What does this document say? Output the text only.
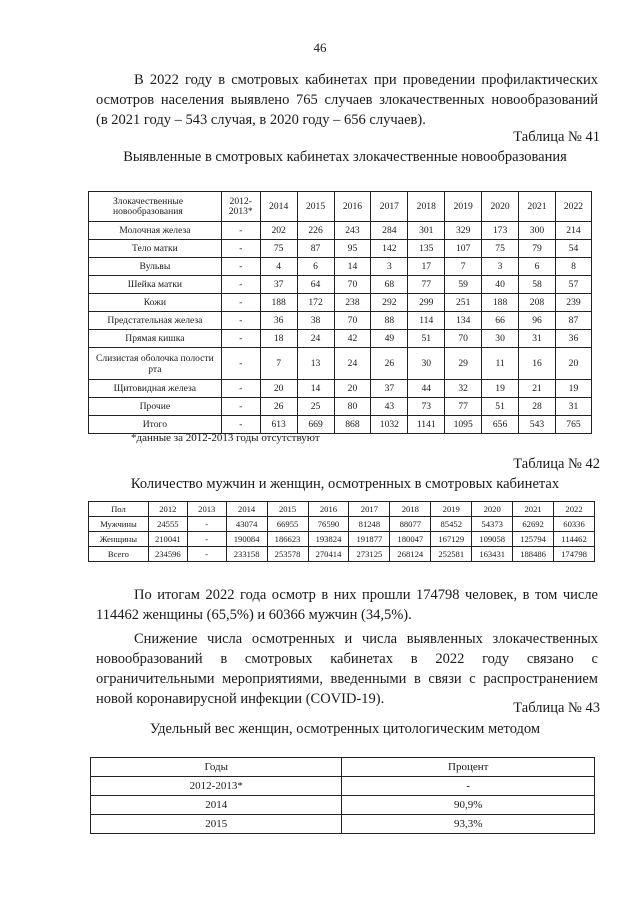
46
В 2022 году в смотровых кабинетах при проведении профилактических
осмотров населения выявлено 765 случаев злокачественных новообразований
(в 2021 году – 543 случая, в 2020 году – 656 случаев).
Таблица № 41
Выявленные в смотровых кабинетах злокачественные новообразования
Злокачественные новообразования	2012-2013*	2014	2015	2016	2017	2018	2019	2020	2021	2022
Молочная железа	-	202	226	243	284	301	329	173	300	214
Тело матки	-	75	87	95	142	135	107	75	79	54
Вульвы	-	4	6	14	3	17	7	3	6	8
Шейка матки	-	37	64	70	68	77	59	40	58	57
Кожи	-	188	172	238	292	299	251	188	208	239
Предстательная железа	-	36	38	70	88	114	134	66	96	87
Прямая кишка	-	18	24	42	49	51	70	30	31	36
Слизистая оболочка полости рта	-	7	13	24	26	30	29	11	16	20
Щитовидная железа	-	20	14	20	37	44	32	19	21	19
Прочие	-	26	25	80	43	73	77	51	28	31
Итого	-	613	669	868	1032	1141	1095	656	543	765
*данные за 2012-2013 годы отсутствуют
Таблица № 42
Количество мужчин и женщин, осмотренных в смотровых кабинетах
Пол	2012	2013	2014	2015	2016	2017	2018	2019	2020	2021	2022
Мужчины	24555	-	43074	66955	76590	81248	88077	85452	54373	62692	60336
Женщины	210041	-	190084	186623	193824	191877	180047	167129	109058	125794	114462
Всего	234596	-	233158	253578	270414	273125	268124	252581	163431	188486	174798
По итогам 2022 года осмотр в них прошли 174798 человек, в том числе
114462 женщины (65,5%) и 60366 мужчин (34,5%).
Снижение числа осмотренных и числа выявленных злокачественных
новообразований в смотровых кабинетах в 2022 году связано с
ограничительными мероприятиями, введенными в связи с распространением
новой коронавирусной инфекции (COVID-19).
Таблица № 43
Удельный вес женщин, осмотренных цитологическим методом
Годы	Процент
2012-2013*	-
2014	90,9%
2015	93,3%
